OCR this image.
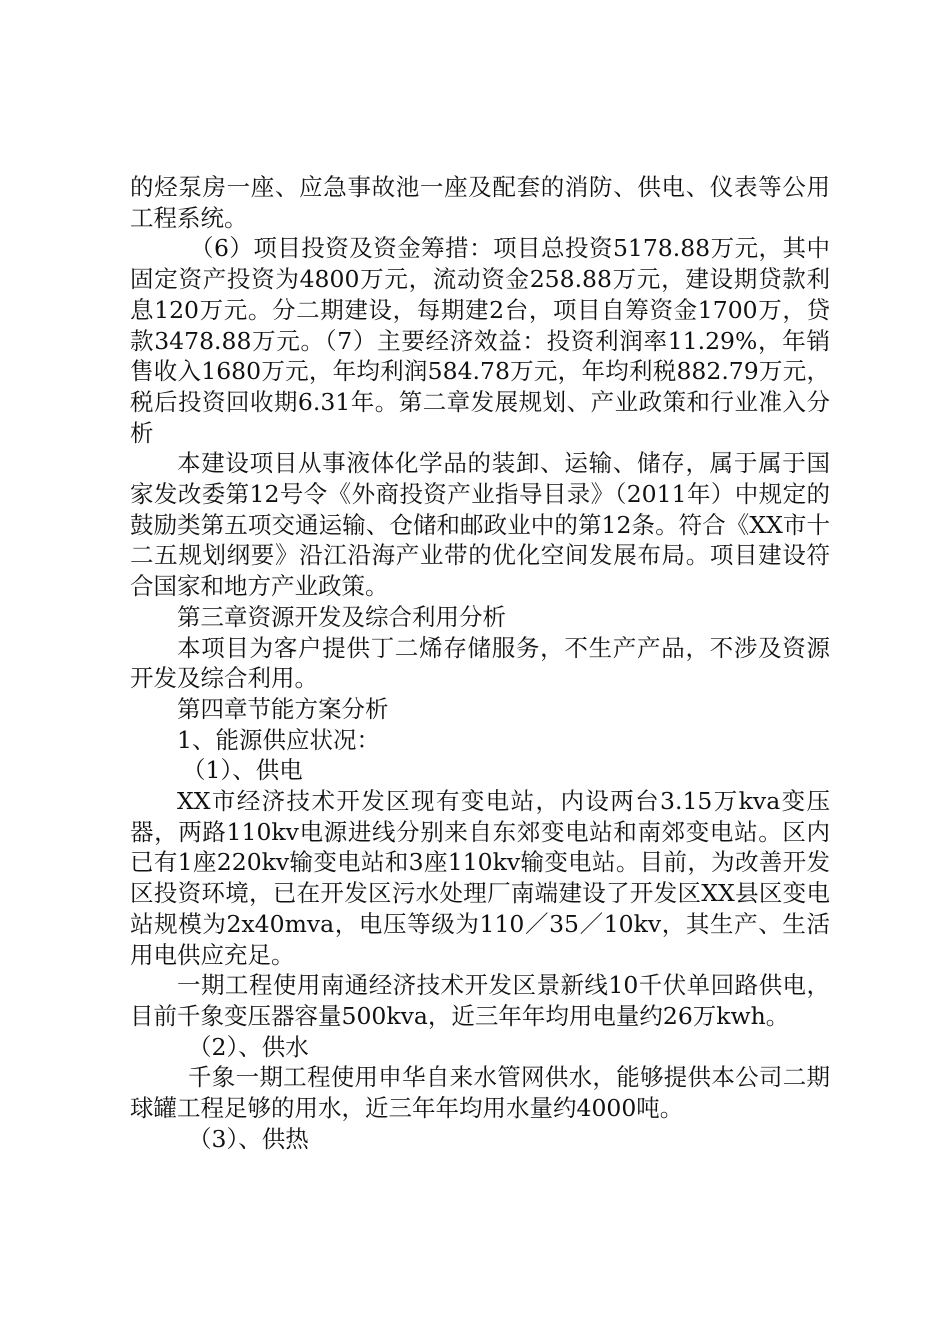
的烃泵房一座、应急事故池一座及配套的消防、供电、仪表等公用工程系统。

（6）项目投资及资金筹措：项目总投资5178.88万元，其中固定资产投资为4800万元，流动资金258.88万元，建设期贷款利息120万元。分二期建设，每期建2台，项目自筹资金1700万，贷款3478.88万元。（7）主要经济效益：投资利润率11.29%，年销售收入1680万元，年均利润584.78万元，年均利税882.79万元，税后投资回收期6.31年。第二章发展规划、产业政策和行业准入分析

本建设项目从事液体化学品的装卸、运输、储存，属于属于国家发改委第12号令《外商投资产业指导目录》（2011年）中规定的鼓励类第五项交通运输、仓储和邮政业中的第12条。符合《XX市十二五规划纲要》沿江沿海产业带的优化空间发展布局。项目建设符合国家和地方产业政策。

第三章资源开发及综合利用分析

本项目为客户提供丁二烯存储服务，不生产产品，不涉及资源开发及综合利用。

第四章节能方案分析

1、能源供应状况：

（1）、供电

XX市经济技术开发区现有变电站，内设两台3.15万kva变压器，两路110kv电源进线分别来自东郊变电站和南郊变电站。区内已有1座220kv输变电站和3座110kv输变电站。目前，为改善开发区投资环境，已在开发区污水处理厂南端建设了开发区XX县区变电站规模为2x40mva，电压等级为110／35／10kv，其生产、生活用电供应充足。

一期工程使用南通经济技术开发区景新线10千伏单回路供电，目前千象变压器容量500kva，近三年年均用电量约26万kwh。

（2）、供水

千象一期工程使用申华自来水管网供水，能够提供本公司二期球罐工程足够的用水，近三年年均用水量约4000吨。

（3）、供热
